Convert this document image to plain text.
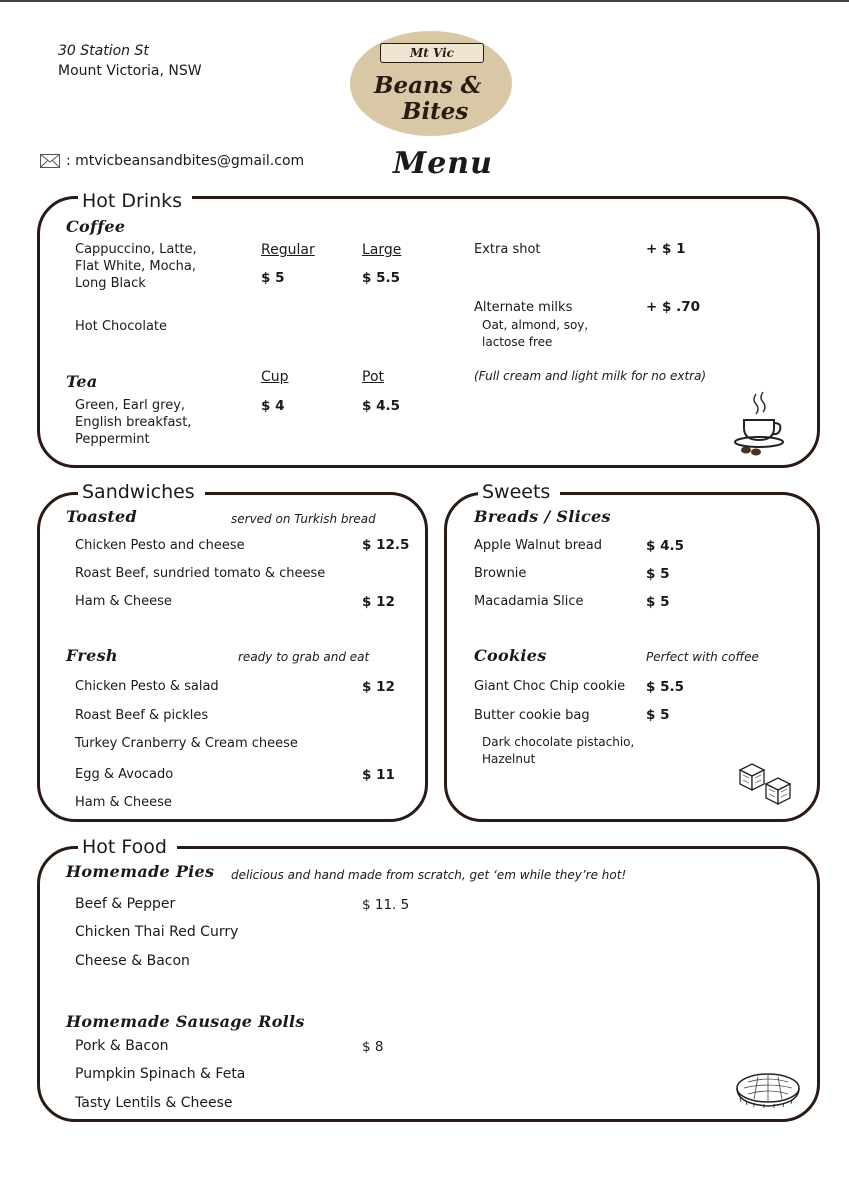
30 Station St
Mount Victoria, NSW
Mt Vic
Beans &
Bites
: mtvicbeansandbites@gmail.com	Menu
Hot Drinks
Coffee
Cappuccino, Latte,
Flat White, Mocha,
Long Black
Regular	Large
$ 5	$ 5.5
Hot Chocolate
Extra shot	+ $ 1
Alternate milks	+ $ .70
Oat, almond, soy,
lactose free
(Full cream and light milk for no extra)
Tea	Cup	Pot
Green, Earl grey,
English breakfast,
Peppermint
$ 4	$ 4.5
Sandwiches
Toasted	served on Turkish bread
Chicken Pesto and cheese	$ 12.5
Roast Beef, sundried tomato & cheese
Ham & Cheese	$ 12
Fresh	ready to grab and eat
Chicken Pesto & salad	$ 12
Roast Beef & pickles
Turkey Cranberry & Cream cheese
Egg & Avocado	$ 11
Ham & Cheese
Sweets
Breads / Slices
Apple Walnut bread	$ 4.5
Brownie	$ 5
Macadamia Slice	$ 5
Cookies	Perfect with coffee
Giant Choc Chip cookie $ 5.5
Butter cookie bag	$ 5
Dark chocolate pistachio,
Hazelnut
Hot Food
Homemade Pies delicious and hand made from scratch, get ‘em while they’re hot!
Beef & Pepper	$ 11. 5
Chicken Thai Red Curry
Cheese & Bacon
Homemade Sausage Rolls
Pork & Bacon	$ 8
Pumpkin Spinach & Feta
Tasty Lentils & Cheese
